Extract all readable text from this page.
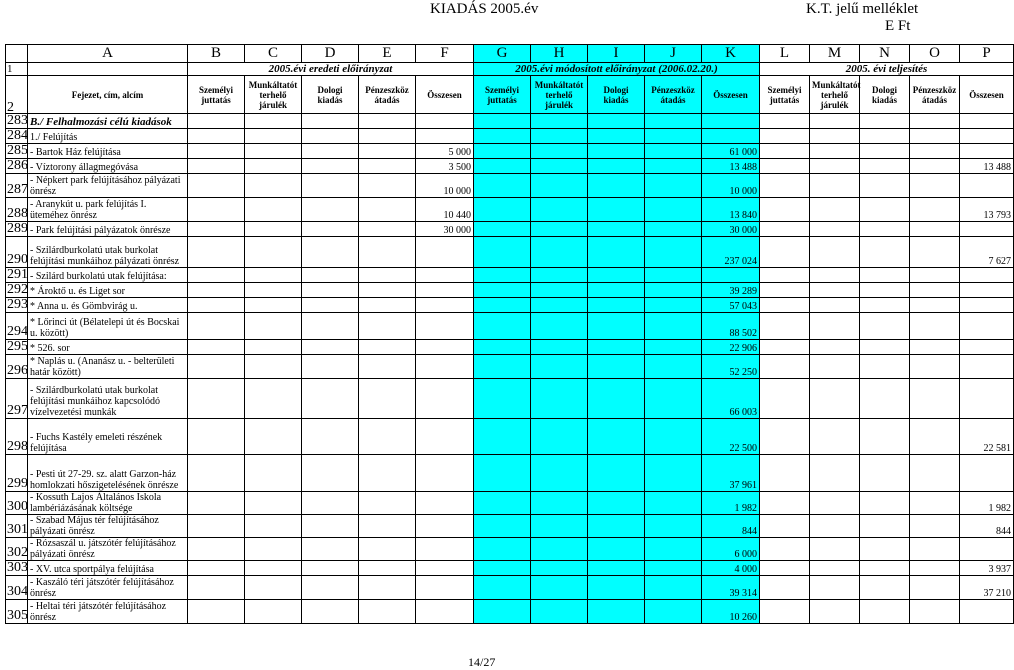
KIADÁS 2005.év	K.T. jelű melléklet
E Ft
	A	B	C	D	E	F	G	H	I	J	K	L	M	N	O	P
1		2005.évi eredeti előirányzat					2005.évi módosított előirányzat (2006.02.20.)					2005. évi teljesítés				
2	Fejezet, cím, alcím	Személyi juttatás	Munkáltatót terhelő járulék	Dologi kiadás	Pénzeszköz átadás	Összesen	Személyi juttatás	Munkáltatót terhelő járulék	Dologi kiadás	Pénzeszköz átadás	Összesen	Személyi juttatás	Munkáltatót terhelő járulék	Dologi kiadás	Pénzeszköz átadás	Összesen
283	B./ Felhalmozási célú kiadások															
284	1./ Felújítás															
285	- Bartok Ház felújítása					5 000					61 000					
286	- Víztorony állagmegóvása					3 500					13 488					13 488
287	- Népkert park felújításához pályázati önrész					10 000					10 000					
288	- Aranykút u. park felújítás I. üteméhez önrész					10 440					13 840					13 793
289	- Park felújítási pályázatok önrésze					30 000					30 000					
290	- Szilárdburkolatú utak burkolat felújítási munkáihoz pályázati önrész										237 024					7 627
291	- Szilárd burkolatú utak felújítása:															
292	* Ároktő u. és Liget sor										39 289					
293	* Anna u. és Gömbvirág u.										57 043					
294	* Lőrinci út (Bélatelepi út és Bocskai u. között)										88 502					
295	* 526. sor										22 906					
296	* Naplás u. (Ananász u. - belterületi határ között)										52 250					
297	- Szilárdburkolatú utak burkolat felújítási munkáihoz kapcsolódó vízelvezetési munkák										66 003					
298	- Fuchs Kastély emeleti részének felújítása										22 500					22 581
299	- Pesti út 27-29. sz. alatt Garzon-ház homlokzati hőszigetelésének önrésze										37 961					
300	- Kossuth Lajos Általános Iskola lambériázásának költsége										1 982					1 982
301	- Szabad Május tér felújításához pályázati önrész										844					844
302	- Rózsaszál u. játszótér felújításához pályázati önrész										6 000					
303	- XV. utca sportpálya felújítása										4 000					3 937
304	- Kaszáló téri játszótér felújításához önrész										39 314					37 210
305	- Heltai téri játszótér felújításához önrész										10 260					
14/27
